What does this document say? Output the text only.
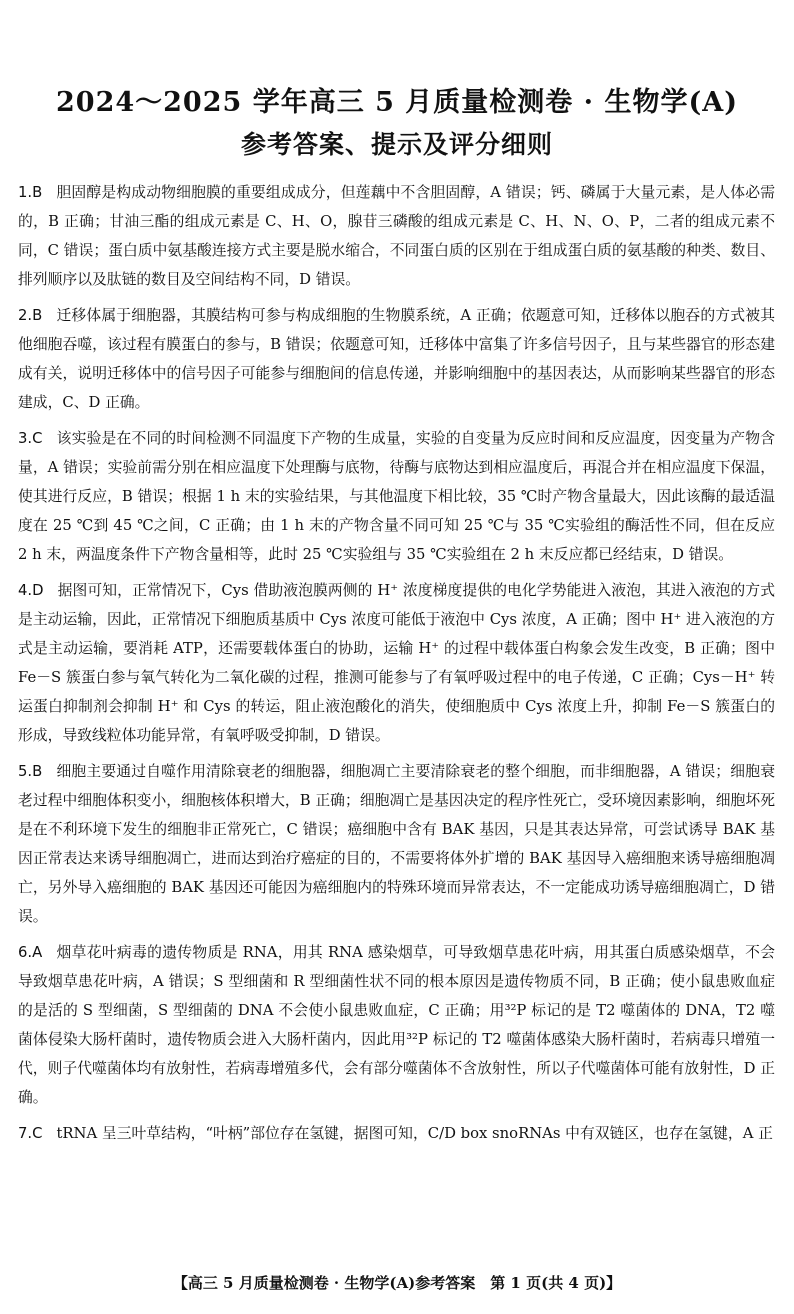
2024～2025 学年高三 5 月质量检测卷 · 生物学(A)
参考答案、提示及评分细则

1.B 胆固醇是构成动物细胞膜的重要组成成分，但莲藕中不含胆固醇，A 错误；钙、磷属于大量元素，是人体必需的，B 正确；甘油三酯的组成元素是 C、H、O，腺苷三磷酸的组成元素是 C、H、N、O、P，二者的组成元素不同，C 错误；蛋白质中氨基酸连接方式主要是脱水缩合，不同蛋白质的区别在于组成蛋白质的氨基酸的种类、数目、排列顺序以及肽链的数目及空间结构不同，D 错误。

2.B 迁移体属于细胞器，其膜结构可参与构成细胞的生物膜系统，A 正确；依题意可知，迁移体以胞吞的方式被其他细胞吞噬，该过程有膜蛋白的参与，B 错误；依题意可知，迁移体中富集了许多信号因子，且与某些器官的形态建成有关，说明迁移体中的信号因子可能参与细胞间的信息传递，并影响细胞中的基因表达，从而影响某些器官的形态建成，C、D 正确。

3.C 该实验是在不同的时间检测不同温度下产物的生成量，实验的自变量为反应时间和反应温度，因变量为产物含量，A 错误；实验前需分别在相应温度下处理酶与底物，待酶与底物达到相应温度后，再混合并在相应温度下保温，使其进行反应，B 错误；根据 1 h 末的实验结果，与其他温度下相比较，35 ℃时产物含量最大，因此该酶的最适温度在 25 ℃到 45 ℃之间，C 正确；由 1 h 末的产物含量不同可知 25 ℃与 35 ℃实验组的酶活性不同，但在反应 2 h 末，两温度条件下产物含量相等，此时 25 ℃实验组与 35 ℃实验组在 2 h 末反应都已经结束，D 错误。

4.D 据图可知，正常情况下，Cys 借助液泡膜两侧的 H⁺ 浓度梯度提供的电化学势能进入液泡，其进入液泡的方式是主动运输，因此，正常情况下细胞质基质中 Cys 浓度可能低于液泡中 Cys 浓度，A 正确；图中 H⁺ 进入液泡的方式是主动运输，要消耗 ATP，还需要载体蛋白的协助，运输 H⁺ 的过程中载体蛋白构象会发生改变，B 正确；图中 Fe－S 簇蛋白参与氧气转化为二氧化碳的过程，推测可能参与了有氧呼吸过程中的电子传递，C 正确；Cys－H⁺ 转运蛋白抑制剂会抑制 H⁺ 和 Cys 的转运，阻止液泡酸化的消失，使细胞质中 Cys 浓度上升，抑制 Fe－S 簇蛋白的形成，导致线粒体功能异常，有氧呼吸受抑制，D 错误。

5.B 细胞主要通过自噬作用清除衰老的细胞器，细胞凋亡主要清除衰老的整个细胞，而非细胞器，A 错误；细胞衰老过程中细胞体积变小，细胞核体积增大，B 正确；细胞凋亡是基因决定的程序性死亡，受环境因素影响，细胞坏死是在不利环境下发生的细胞非正常死亡，C 错误；癌细胞中含有 BAK 基因，只是其表达异常，可尝试诱导 BAK 基因正常表达来诱导细胞凋亡，进而达到治疗癌症的目的，不需要将体外扩增的 BAK 基因导入癌细胞来诱导癌细胞凋亡，另外导入癌细胞的 BAK 基因还可能因为癌细胞内的特殊环境而异常表达，不一定能成功诱导癌细胞凋亡，D 错误。

6.A 烟草花叶病毒的遗传物质是 RNA，用其 RNA 感染烟草，可导致烟草患花叶病，用其蛋白质感染烟草，不会导致烟草患花叶病，A 错误；S 型细菌和 R 型细菌性状不同的根本原因是遗传物质不同，B 正确；使小鼠患败血症的是活的 S 型细菌，S 型细菌的 DNA 不会使小鼠患败血症，C 正确；用³²P 标记的是 T2 噬菌体的 DNA，T2 噬菌体侵染大肠杆菌时，遗传物质会进入大肠杆菌内，因此用³²P 标记的 T2 噬菌体感染大肠杆菌时，若病毒只增殖一代，则子代噬菌体均有放射性，若病毒增殖多代，会有部分噬菌体不含放射性，所以子代噬菌体可能有放射性，D 正确。

7.C tRNA 呈三叶草结构，“叶柄”部位存在氢键，据图可知，C/D box snoRNAs 中有双链区，也存在氢键，A 正

【高三 5 月质量检测卷 · 生物学(A)参考答案　第 1 页(共 4 页)】
